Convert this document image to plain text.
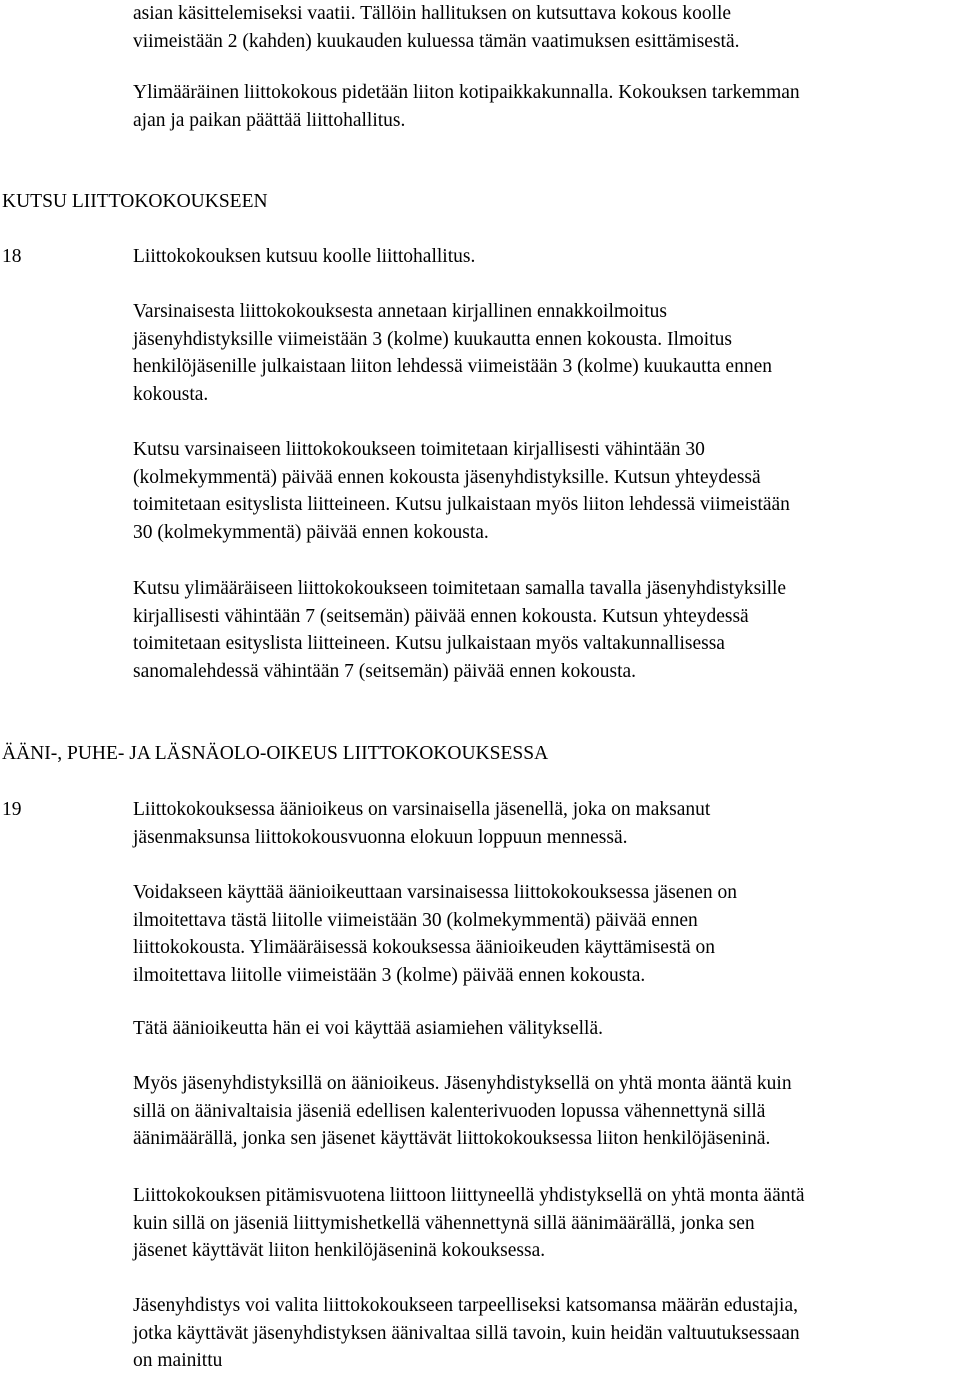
asian käsittelemiseksi vaatii. Tällöin hallituksen on kutsuttava kokous koolle
viimeistään 2 (kahden) kuukauden kuluessa tämän vaatimuksen esittämisestä.

Ylimääräinen liittokokous pidetään liiton kotipaikkakunnalla. Kokouksen tarkemman
ajan ja paikan päättää liittohallitus.

KUTSU LIITTOKOKOUKSEEN
18	Liittokokouksen kutsuu koolle liittohallitus.

Varsinaisesta liittokokouksesta annetaan kirjallinen ennakkoilmoitus
jäsenyhdistyksille viimeistään 3 (kolme) kuukautta ennen kokousta. Ilmoitus
henkilöjäsenille julkaistaan liiton lehdessä viimeistään 3 (kolme) kuukautta ennen
kokousta.

Kutsu varsinaiseen liittokokoukseen toimitetaan kirjallisesti vähintään 30
(kolmekymmentä) päivää ennen kokousta jäsenyhdistyksille. Kutsun yhteydessä
toimitetaan esityslista liitteineen. Kutsu julkaistaan myös liiton lehdessä viimeistään
30 (kolmekymmentä) päivää ennen kokousta.

Kutsu ylimääräiseen liittokokoukseen toimitetaan samalla tavalla jäsenyhdistyksille
kirjallisesti vähintään 7 (seitsemän) päivää ennen kokousta. Kutsun yhteydessä
toimitetaan esityslista liitteineen. Kutsu julkaistaan myös valtakunnallisessa
sanomalehdessä vähintään 7 (seitsemän) päivää ennen kokousta.

ÄÄNI-, PUHE- JA LÄSNÄOLO-OIKEUS LIITTOKOKOUKSESSA
19	Liittokokouksessa äänioikeus on varsinaisella jäsenellä, joka on maksanut
jäsenmaksunsa liittokokousvuonna elokuun loppuun mennessä.

Voidakseen käyttää äänioikeuttaan varsinaisessa liittokokouksessa jäsenen on
ilmoitettava tästä liitolle viimeistään 30 (kolmekymmentä) päivää ennen
liittokokousta. Ylimääräisessä kokouksessa äänioikeuden käyttämisestä on
ilmoitettava liitolle viimeistään 3 (kolme) päivää ennen kokousta.

Tätä äänioikeutta hän ei voi käyttää asiamiehen välityksellä.

Myös jäsenyhdistyksillä on äänioikeus. Jäsenyhdistyksellä on yhtä monta ääntä kuin
sillä on äänivaltaisia jäseniä edellisen kalenterivuoden lopussa vähennettynä sillä
äänimäärällä, jonka sen jäsenet käyttävät liittokokouksessa liiton henkilöjäseninä.

Liittokokouksen pitämisvuotena liittoon liittyneellä yhdistyksellä on yhtä monta ääntä
kuin sillä on jäseniä liittymishetkellä vähennettynä sillä äänimäärällä, jonka sen
jäsenet käyttävät liiton henkilöjäseninä kokouksessa.

Jäsenyhdistys voi valita liittokokoukseen tarpeelliseksi katsomansa määrän edustajia,
jotka käyttävät jäsenyhdistyksen äänivaltaa sillä tavoin, kuin heidän valtuutuksessaan
on mainittu
